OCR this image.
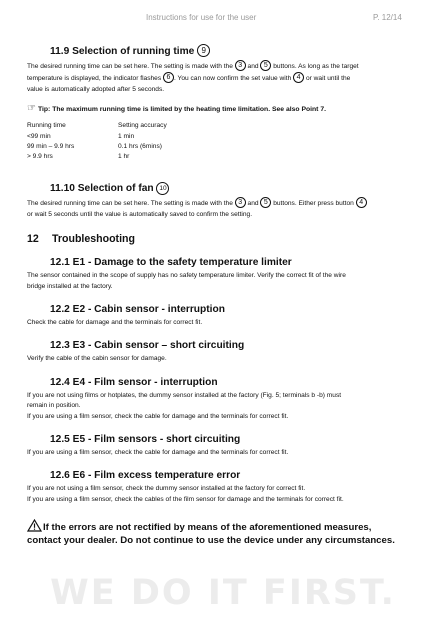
Instructions for use for the user	P. 12/14
11.9 Selection of running time 9

The desired running time can be set here. The setting is made with the 3 and 5 buttons. As long as the target
temperature is displayed, the indicator flashes 6 . You can now confirm the set value with 4 or wait until the
value is automatically adopted after 5 seconds.

☞ Tip: The maximum running time is limited by the heating time limitation. See also Point 7.
Running time	Setting accuracy
<99 min	1 min
99 min – 9.9 hrs	0.1 hrs (6mins)
> 9.9 hrs	1 hr
11.10 Selection of fan 10

The desired running time can be set here. The setting is made with the 3 and 5 buttons. Either press button 4
or wait 5 seconds until the value is automatically saved to confirm the setting.

12 Troubleshooting
12.1 E1 - Damage to the safety temperature limiter

The sensor contained in the scope of supply has no safety temperature limiter. Verify the correct fit of the wire
bridge installed at the factory.

12.2 E2 - Cabin sensor - interruption

Check the cable for damage and the terminals for correct fit.

12.3 E3 - Cabin sensor – short circuiting

Verify the cable of the cabin sensor for damage.

12.4 E4 - Film sensor - interruption

If you are not using films or hotplates, the dummy sensor installed at the factory (Fig. 5; terminals b -b) must
remain in position.
If you are using a film sensor, check the cable for damage and the terminals for correct fit.

12.5 E5 - Film sensors - short circuiting

If you are using a film sensor, check the cable for damage and the terminals for correct fit.

12.6 E6 - Film excess temperature error

If you are not using a film sensor, check the dummy sensor installed at the factory for correct fit.
If you are using a film sensor, check the cables of the film sensor for damage and the terminals for correct fit.

If the errors are not rectified by means of the aforementioned measures,
contact your dealer. Do not continue to use the device under any circumstances.
WE DO IT FIRST.
